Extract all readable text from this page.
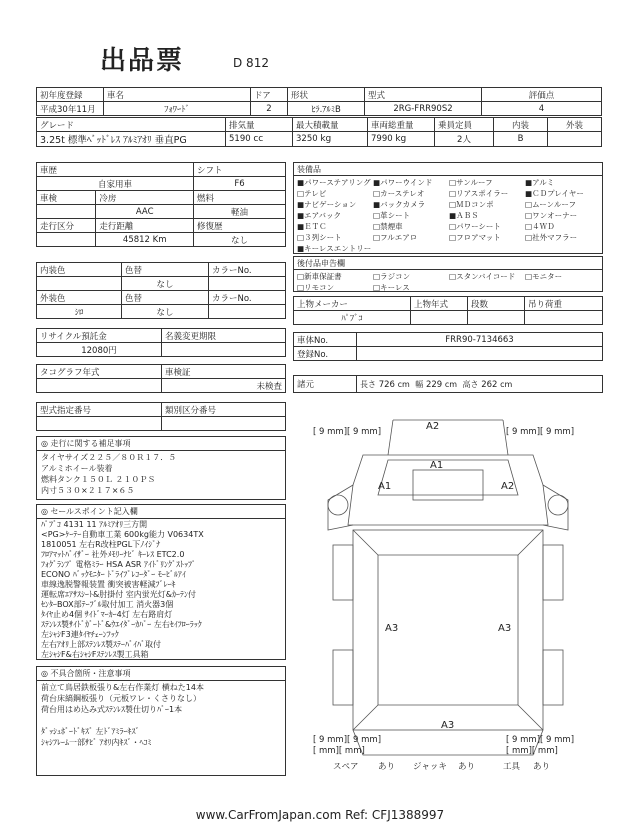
出品票	D 812
初年度登録	車名	ドア	形状	型式	評価点
平成30年11月	ﾌｫﾜｰﾄﾞ	2	ﾋﾗ.ｱﾙﾐB	2RG-FRR90S2	4
グレード	排気量	最大積載量	車両総重量	乗員定員	内装	外装
3.25t 標準ﾍﾞｯﾄﾞﾚｽ ｱﾙﾐｱｵﾘ 垂直PG	5190 cc	3250 kg	7990 kg	2人	B	
車歴		シフト
自家用車		F6
車検	冷房	燃料
	AAC	軽油
走行区分	走行距離	修復歴
	45812 Km	なし
内装色	色替	カラーNo.
	なし	
外装色	色替	カラーNo.
ｼﾛ	なし	
リサイクル預託金	名義変更期限
12080円	
タコグラフ年式	車検証
	未検査
型式指定番号	類別区分番号

装備品
■パワーステアリング ■パワーウインド	□サンルーフ	■アルミ
□テレビ	□カーステレオ	□リアスポイラー	■ＣＤプレイヤー
■ナビゲーション	■バックカメラ	□ＭＤコンポ	□ムーンルーフ
■エアバック	□革シート	■ＡＢＳ	□ワンオーナー
■ＥＴＣ	□禁煙車	□パワーシート	□４ＷＤ
□３列シート	□フルエアロ	□フロアマット	□社外マフラー
■キーレスエントリー
後付品申告欄
□新車保証書	□ラジコン	□スタンバイコード	□モニター
□リモコン	□キーレス
上物メーカー	上物年式	段数	吊り荷重
ﾊﾟﾌﾞｺ			
車体No.	FRR90-7134663
登録No.	
諸元	長さ 726 cm 幅 229 cm 高さ 262 cm
◎ 走行に関する補足事項
タイヤサイズ２２５／８０Ｒ１７．５
アルミホイール装着
燃料タンク１５０Ｌ ２１０ＰＳ
内寸５３０×２１７×６５
◎ セールスポイント記入欄
ﾊﾟﾌﾞｺ 4131 11 ｱﾙﾐｱｵﾘ三方開
<PG>ｹｰﾃｰ自動車工業 600kg能力 V0634TX
1810051 左右R改柱PGL下ﾉｲｼﾞﾅ
ﾌﾛｱﾏｯﾄﾊﾞｲｻﾞｰ 社外ﾒﾓﾘｰﾅﾋﾞ ｷｰﾚｽ ETC2.0
ﾌｫｸﾞﾗﾝﾌﾟ 電格ﾐﾗｰ HSA ASR ｱｲﾄﾞﾘﾝｸﾞｽﾄｯﾌﾟ
ECONO ﾊﾞｯｸﾓﾆﾀｰ ﾄﾞﾗｲﾌﾞﾚｺｰﾀﾞｰ ﾓｰﾋﾞﾙｱｲ
車線逸脱警報装置 衝突被害軽減ﾌﾞﾚｰｷ
運転席ｴｱｻｽｼｰﾄ&肘掛付 室内蛍光灯&ｶｰﾃﾝ付
ｾﾝﾀｰBOX部ﾃｰﾌﾞﾙ取付加工 消火器3個
ﾀｲﾔ止め4個 ｻｲﾄﾞﾏｰｶｰ4灯 左右路肩灯
ｽﾃﾝﾚｽ製ｻｲﾄﾞｶﾞｰﾄﾞ&ｳｴｲﾀﾞｰｶﾊﾞｰ 左右ｾｲﾌﾛｰﾗｯｸ
左ｼｬｼF3連ﾀｲﾔﾁｪｰﾝﾌｯｸ
左右ｱｵﾘ上部ｽﾃﾝﾚｽ製ｽﾃｰﾊﾞｲﾊﾞ取付
左ｼｬｼF&右ｼｬｼFｽﾃﾝﾚｽ製工具箱
◎ 不具合箇所・注意事項
前立て鳥居鉄板張り&左右作業灯 横ねた14本
荷台床縞鋼板張り（元板ワレ・くさりなし）
荷台用はめ込み式ｽﾃﾝﾚｽ製仕切りﾊﾞｰ1本
ﾀﾞｯｼｭﾎﾞｰﾄﾞｷｽﾞ 左ﾄﾞｱﾐﾗｰｷｽﾞ
ｼｬｼﾌﾚｰﾑ一部ｻﾋﾞ ｱｵﾘ内ｷｽﾞ・ﾍｺﾐ
[ 9 mm][ 9 mm]	[ 9 mm][ 9 mm]
A2
A1
A1	A2
A3	A3
A3
[ 9 mm][ 9 mm]	[ 9 mm][ 9 mm]
[ mm][ mm]	[ mm][ mm]
スペア あり ジャッキ あり	工具 あり
www.CarFromJapan.com Ref: CFJ1388997
